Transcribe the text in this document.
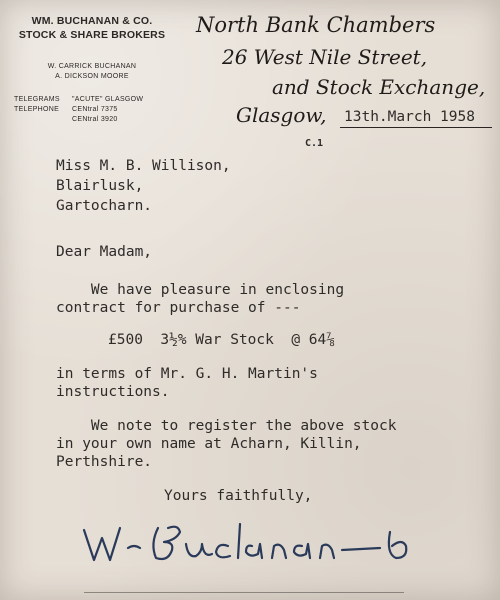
WM. BUCHANAN & CO.
STOCK & SHARE BROKERS
W. CARRICK BUCHANAN
A. DICKSON MOORE
TELEGRAMS	"ACUTE" GLASGOW
TELEPHONE	CENtral 7375
CENtral 3920
North Bank Chambers
26 West Nile Street,
and Stock Exchange,
Glasgow, 13th.March 1958
C.1
Miss M. B. Willison,
Blairlusk,
Gartocharn.
Dear Madam,
We have pleasure in enclosing
contract for purchase of ---
£500  3½% War Stock  @ 64⅞
in terms of Mr. G. H. Martin's
instructions.
We note to register the above stock
in your own name at Acharn, Killin,
Perthshire.
Yours faithfully,
